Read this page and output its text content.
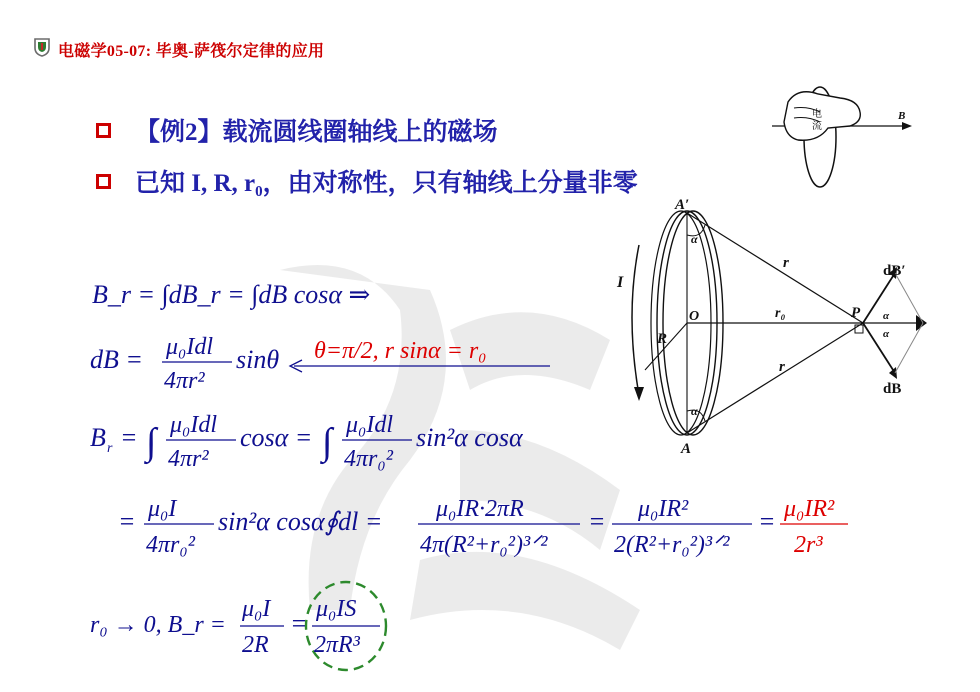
电磁学05-07: 毕奥-萨筏尔定律的应用
【例2】载流圆线圈轴线上的磁场
已知 I, R, r₀，由对称性，只有轴线上分量非零
电
流
B
A′
α
α
A
I
O
R
r
r₀
r
P α
α
dB′
dB
B_r = ∫dB_r = ∫dB cosα ⇒
dB = μ₀Idl
4πr²
sinθ θ=π/2, r sinα = r₀
B r = ∫ μ₀Idl
4πr²
cosα = ∫ μ₀Idl
4πr₀²
sin²α cosα
= μ₀I
4πr₀²
sin²α cosα∮dl = μ₀IR·2πR
4π(R²+r₀²)³ᐟ²
= μ₀IR²
2(R²+r₀²)³ᐟ²
= μ₀IR²
2r³
r₀ → 0, B_r =
μ₀I
2R
= μ₀IS
2πR³
